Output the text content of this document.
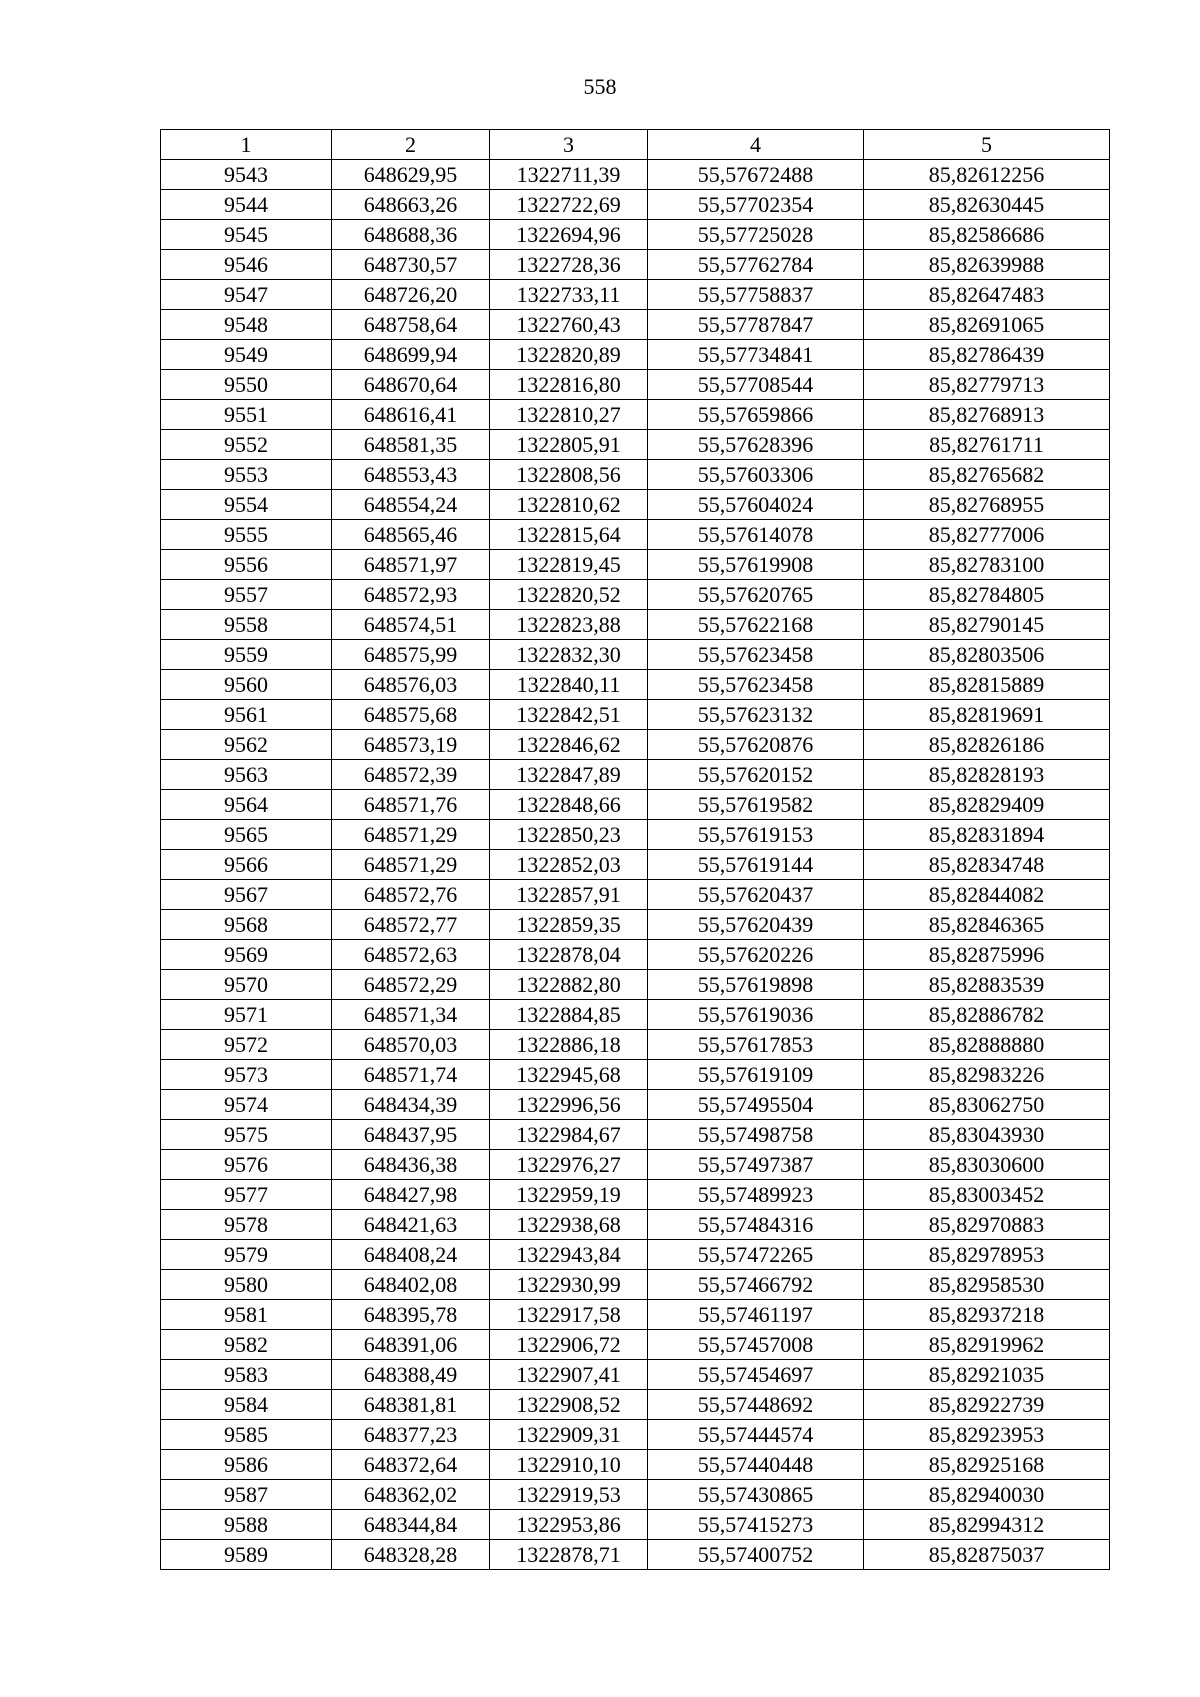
558
1	2	3	4	5
9543	648629,95	1322711,39	55,57672488	85,82612256
9544	648663,26	1322722,69	55,57702354	85,82630445
9545	648688,36	1322694,96	55,57725028	85,82586686
9546	648730,57	1322728,36	55,57762784	85,82639988
9547	648726,20	1322733,11	55,57758837	85,82647483
9548	648758,64	1322760,43	55,57787847	85,82691065
9549	648699,94	1322820,89	55,57734841	85,82786439
9550	648670,64	1322816,80	55,57708544	85,82779713
9551	648616,41	1322810,27	55,57659866	85,82768913
9552	648581,35	1322805,91	55,57628396	85,82761711
9553	648553,43	1322808,56	55,57603306	85,82765682
9554	648554,24	1322810,62	55,57604024	85,82768955
9555	648565,46	1322815,64	55,57614078	85,82777006
9556	648571,97	1322819,45	55,57619908	85,82783100
9557	648572,93	1322820,52	55,57620765	85,82784805
9558	648574,51	1322823,88	55,57622168	85,82790145
9559	648575,99	1322832,30	55,57623458	85,82803506
9560	648576,03	1322840,11	55,57623458	85,82815889
9561	648575,68	1322842,51	55,57623132	85,82819691
9562	648573,19	1322846,62	55,57620876	85,82826186
9563	648572,39	1322847,89	55,57620152	85,82828193
9564	648571,76	1322848,66	55,57619582	85,82829409
9565	648571,29	1322850,23	55,57619153	85,82831894
9566	648571,29	1322852,03	55,57619144	85,82834748
9567	648572,76	1322857,91	55,57620437	85,82844082
9568	648572,77	1322859,35	55,57620439	85,82846365
9569	648572,63	1322878,04	55,57620226	85,82875996
9570	648572,29	1322882,80	55,57619898	85,82883539
9571	648571,34	1322884,85	55,57619036	85,82886782
9572	648570,03	1322886,18	55,57617853	85,82888880
9573	648571,74	1322945,68	55,57619109	85,82983226
9574	648434,39	1322996,56	55,57495504	85,83062750
9575	648437,95	1322984,67	55,57498758	85,83043930
9576	648436,38	1322976,27	55,57497387	85,83030600
9577	648427,98	1322959,19	55,57489923	85,83003452
9578	648421,63	1322938,68	55,57484316	85,82970883
9579	648408,24	1322943,84	55,57472265	85,82978953
9580	648402,08	1322930,99	55,57466792	85,82958530
9581	648395,78	1322917,58	55,57461197	85,82937218
9582	648391,06	1322906,72	55,57457008	85,82919962
9583	648388,49	1322907,41	55,57454697	85,82921035
9584	648381,81	1322908,52	55,57448692	85,82922739
9585	648377,23	1322909,31	55,57444574	85,82923953
9586	648372,64	1322910,10	55,57440448	85,82925168
9587	648362,02	1322919,53	55,57430865	85,82940030
9588	648344,84	1322953,86	55,57415273	85,82994312
9589	648328,28	1322878,71	55,57400752	85,82875037
